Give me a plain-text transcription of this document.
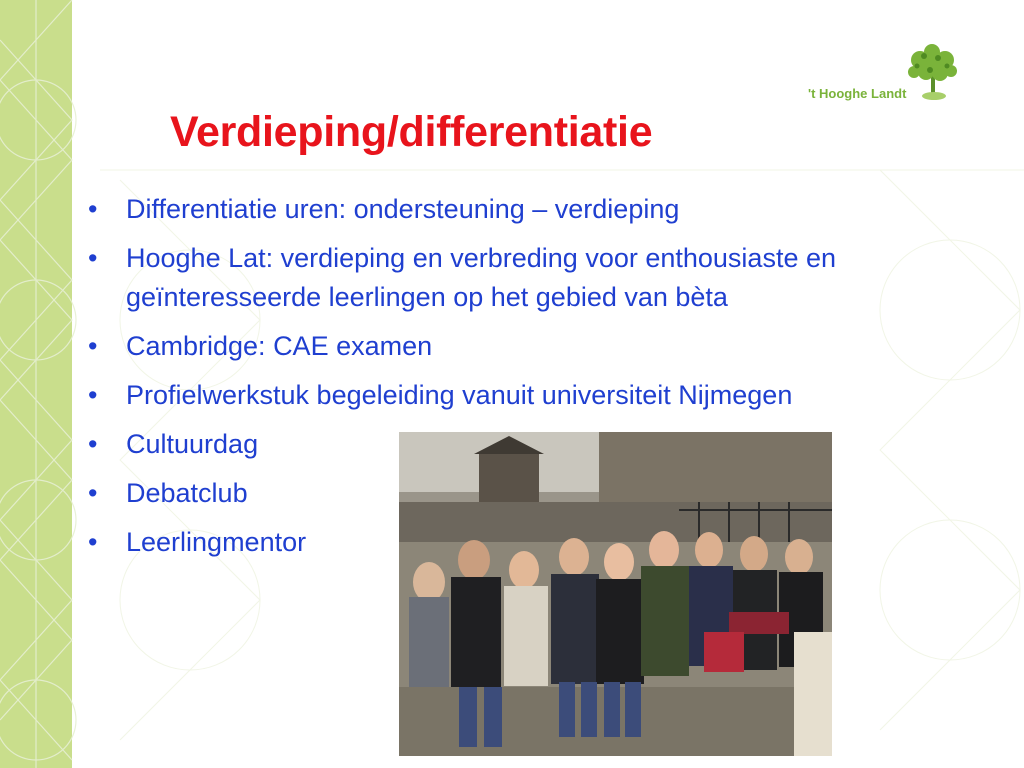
't Hooghe Landt
Verdieping/differentiatie
• Differentiatie uren: ondersteuning – verdieping
• Hooghe Lat: verdieping en verbreding voor enthousiaste en geïnteresseerde leerlingen op het gebied van bèta
• Cambridge: CAE examen
• Profielwerkstuk begeleiding vanuit universiteit Nijmegen
• Cultuurdag
• Debatclub
• Leerlingmentor
